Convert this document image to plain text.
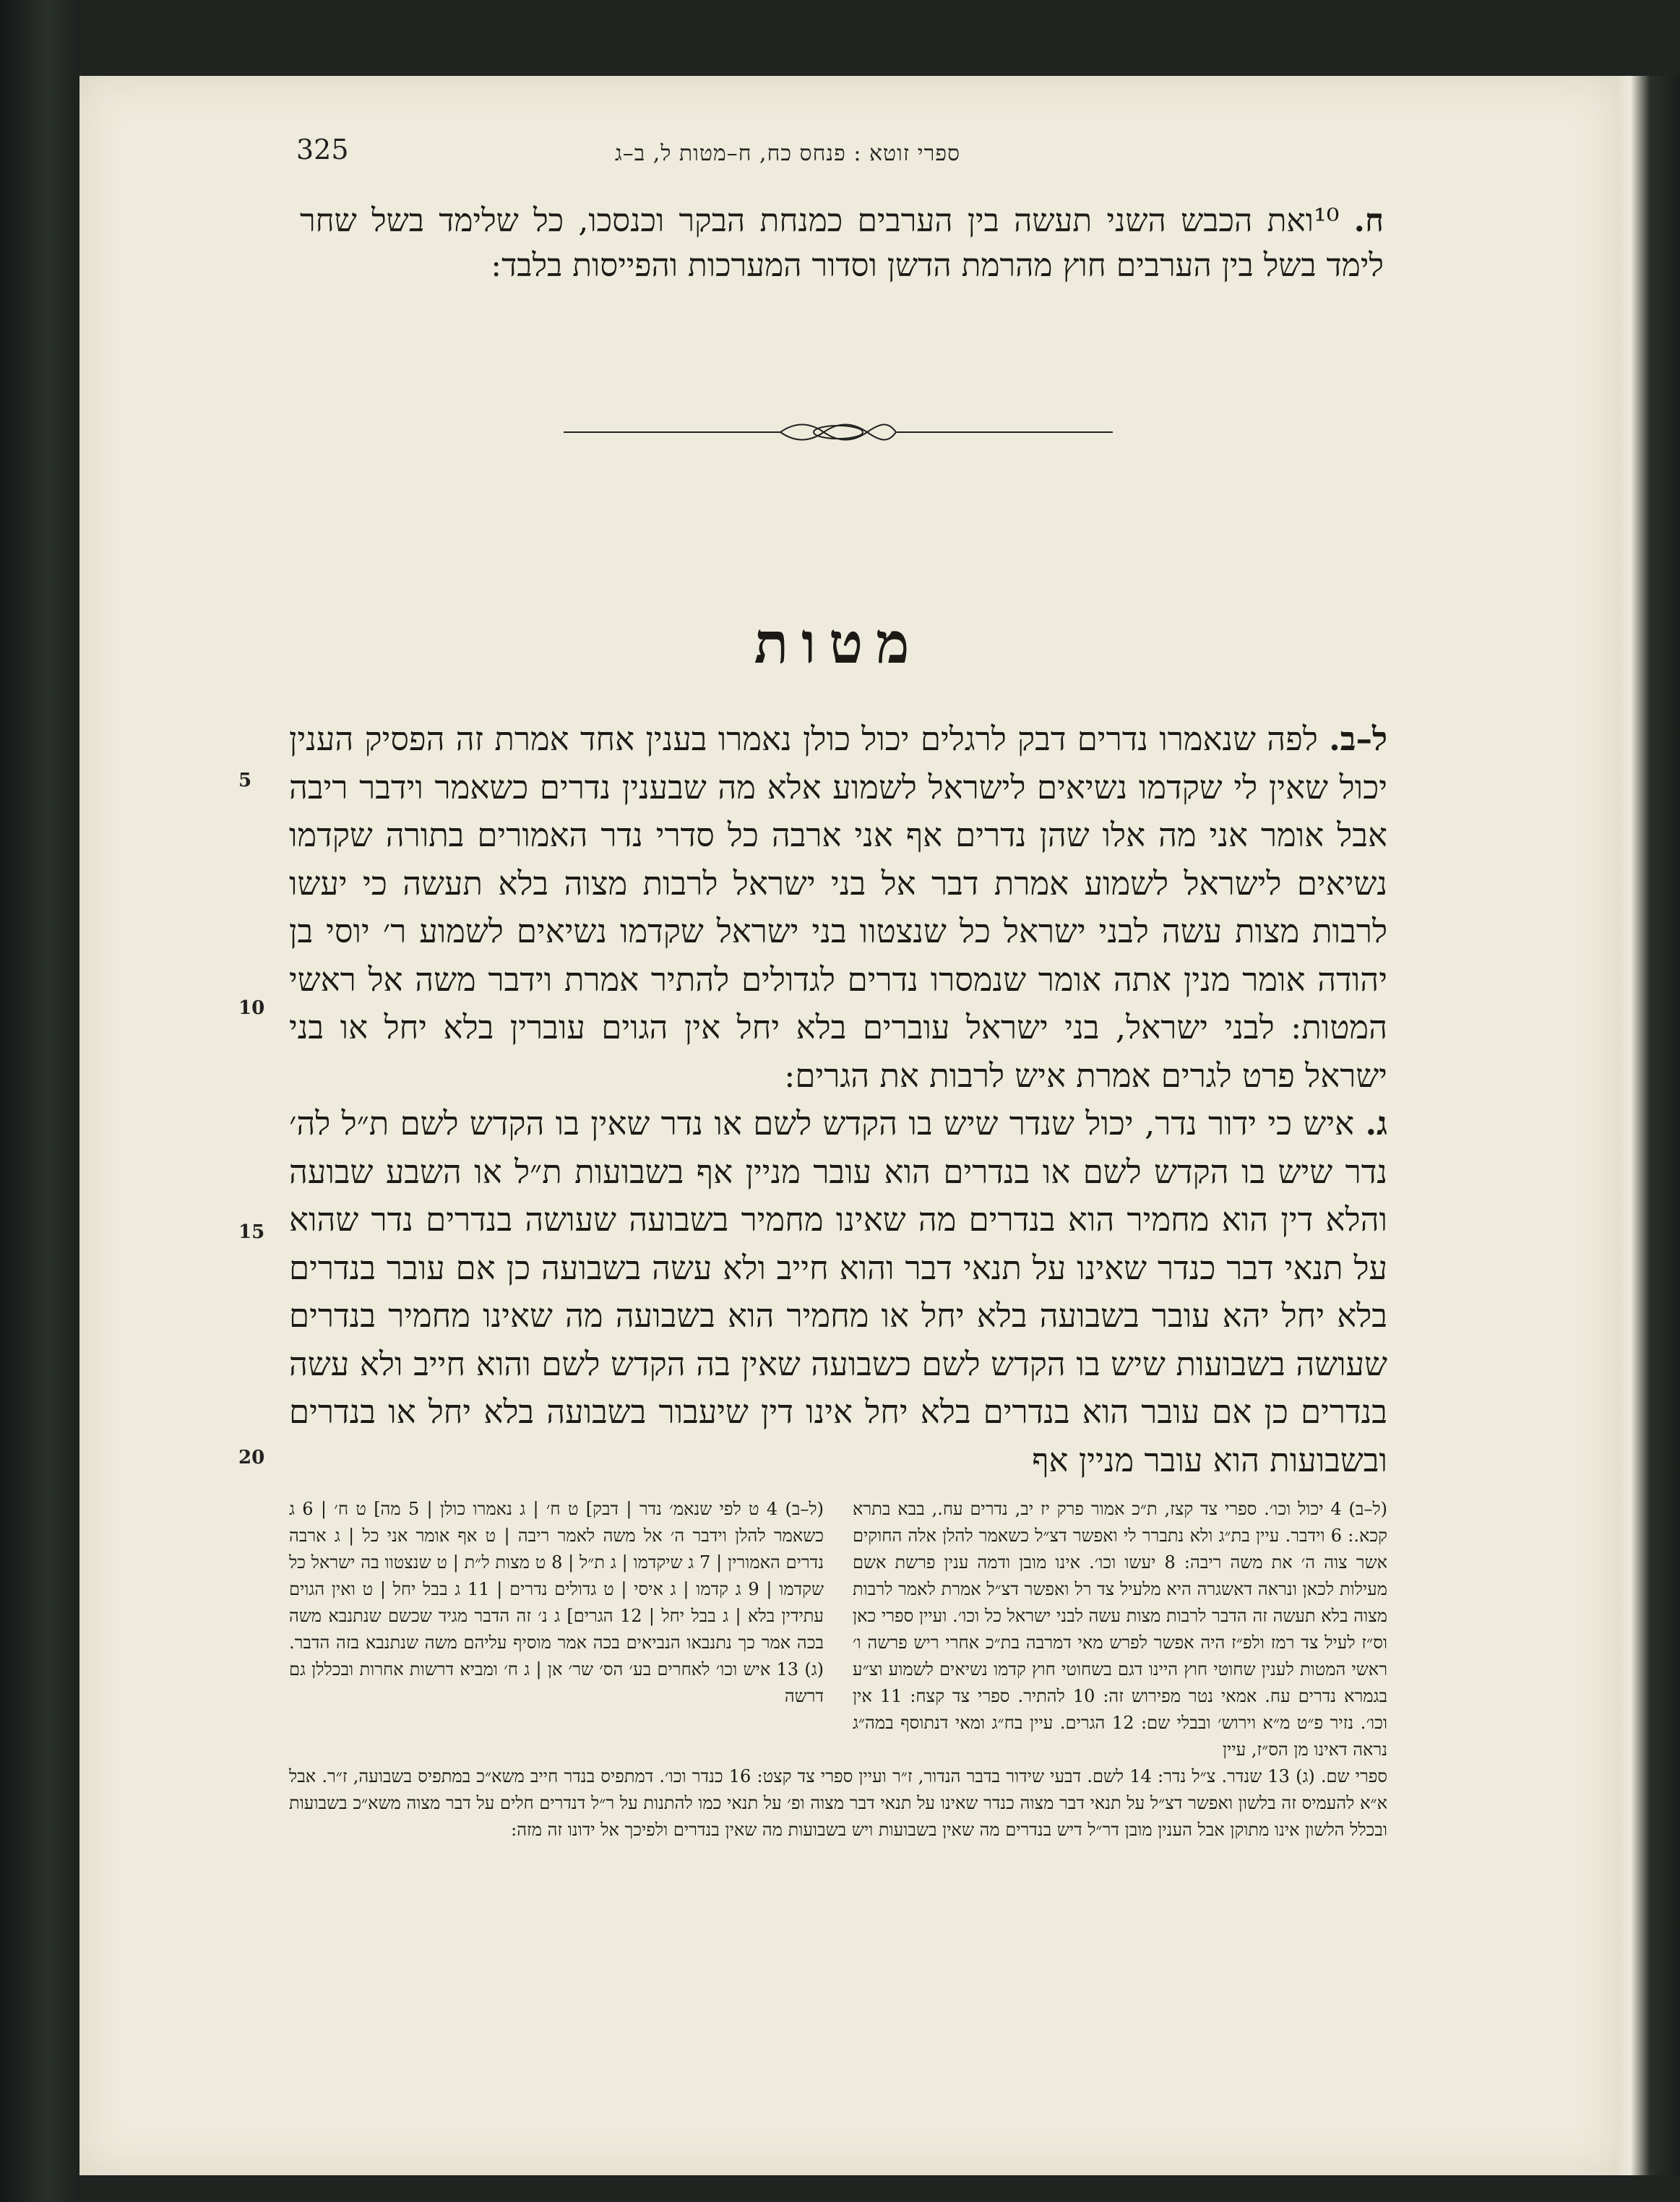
325	ספרי זוטא : פנחס כח, ח–מטות ל, ב–ג
ח. ¹⁰ואת הכבש השני תעשה בין הערבים כמנחת הבקר וכנסכו, כל שלימד בשל שחר לימד בשל בין הערבים חוץ מהרמת הדשן וסדור המערכות והפייסות בלבד:
מטות

ל–ב. לפה שנאמרו נדרים דבק לרגלים יכול כולן נאמרו בענין אחד אמרת זה הפסיק הענין יכול שאין לי שקדמו נשיאים לישראל לשמוע אלא מה שבענין נדרים כשאמר וידבר ריבה אבל אומר אני מה אלו שהן נדרים אף אני ארבה כל סדרי נדר האמורים בתורה שקדמו נשיאים לישראל לשמוע אמרת דבר אל בני ישראל לרבות מצוה בלא תעשה כי יעשו לרבות מצות עשה לבני ישראל כל שנצטוו בני ישראל שקדמו נשיאים לשמוע ר׳ יוסי בן יהודה אומר מנין אתה אומר שנמסרו נדרים לגדולים להתיר אמרת וידבר משה אל ראשי המטות: לבני ישראל, בני ישראל עוברים בלא יחל אין הגוים עוברין בלא יחל או בני ישראל פרט לגרים אמרת איש לרבות את הגרים:

ג. איש כי ידור נדר, יכול שנדר שיש בו הקדש לשם או נדר שאין בו הקדש לשם ת״ל לה׳ נדר שיש בו הקדש לשם או בנדרים הוא עובר מניין אף בשבועות ת״ל או השבע שבועה והלא דין הוא מחמיר הוא בנדרים מה שאינו מחמיר בשבועה שעושה בנדרים נדר שהוא על תנאי דבר כנדר שאינו על תנאי דבר והוא חייב ולא עשה בשבועה כן אם עובר בנדרים בלא יחל יהא עובר בשבועה בלא יחל או מחמיר הוא בשבועה מה שאינו מחמיר בנדרים שעושה בשבועות שיש בו הקדש לשם כשבועה שאין בה הקדש לשם והוא חייב ולא עשה בנדרים כן אם עובר הוא בנדרים בלא יחל אינו דין שיעבור בשבועה בלא יחל או בנדרים ובשבועות הוא עובר מניין אף

5
10
15
20
(ל–ב) 4 יכול וכו׳. ספרי צד קצז, ת״כ אמור פרק יז יב, נדרים עח., בבא בתרא קכא.: 6 וידבר. עיין בת״ג ולא נתברר לי ואפשר דצ״ל כשאמר להלן אלה החוקים אשר צוה ה׳ את משה ריבה: 8 יעשו וכו׳. אינו מובן ודמה ענין פרשת אשם מעילות לכאן ונראה דאשגרה היא מלעיל צד רל ואפשר דצ״ל אמרת לאמר לרבות מצוה בלא תעשה זה הדבר לרבות מצות עשה לבני ישראל כל וכו׳. ועיין ספרי כאן וס״ז לעיל צד רמז ולפ״ז היה אפשר לפרש מאי דמרבה בת״כ אחרי ריש פרשה ו׳ ראשי המטות לענין שחוטי חוץ היינו דגם בשחוטי חוץ קדמו נשיאים לשמוע וצ״ע בגמרא נדרים עח. אמאי נטר מפירוש זה: 10 להתיר. ספרי צד קצח: 11 אין וכו׳. נזיר פ״ט מ״א וירוש׳ ובבלי שם: 12 הגרים. עיין בח״ג ומאי דנתוסף במה״ג נראה דאינו מן הס״ז, עיין
(ל–ב) 4 ט לפי שנאמ׳ נדר | דבק] ט ח׳ | ג נאמרו כולן | 5 מה] ט ח׳ | 6 ג כשאמר להלן וידבר ה׳ אל משה לאמר ריבה | ט אף אומר אני כל | ג ארבה נדרים האמורין | 7 ג שיקדמו | ג ת״ל | 8 ט מצות ל״ת | ט שנצטוו בה ישראל כל שקדמו | 9 ג קדמו | ג איסי | ט גדולים נדרים | 11 ג בבל יחל | ט ואין הגוים עתידין בלא | ג בבל יחל | 12 הגרים] ג נ׳ זה הדבר מגיד שכשם שנתנבא משה בכה אמר כך נתנבאו הנביאים בכה אמר מוסיף עליהם משה שנתנבא בזה הדבר. (ג) 13 איש וכו׳ לאחרים בע׳ הס׳ שר׳ אן | ג ח׳ ומביא דרשות אחרות ובכללן גם דרשה
ספרי שם. (ג) 13 שנדר. צ״ל נדר: 14 לשם. דבעי שידור בדבר הנדור, ז״ר ועיין ספרי צד קצט: 16 כנדר וכו׳. דמתפיס בנדר חייב משא״כ במתפיס בשבועה, ז״ר. אבל א״א להעמיס זה בלשון ואפשר דצ״ל על תנאי דבר מצוה כנדר שאינו על תנאי דבר מצוה ופ׳ על תנאי כמו להתנות על ר״ל דנדרים חלים על דבר מצוה משא״כ בשבועות ובכלל הלשון אינו מתוקן אבל הענין מובן דר״ל דיש בנדרים מה שאין בשבועות ויש בשבועות מה שאין בנדרים ולפיכך אל ידונו זה מזה:
